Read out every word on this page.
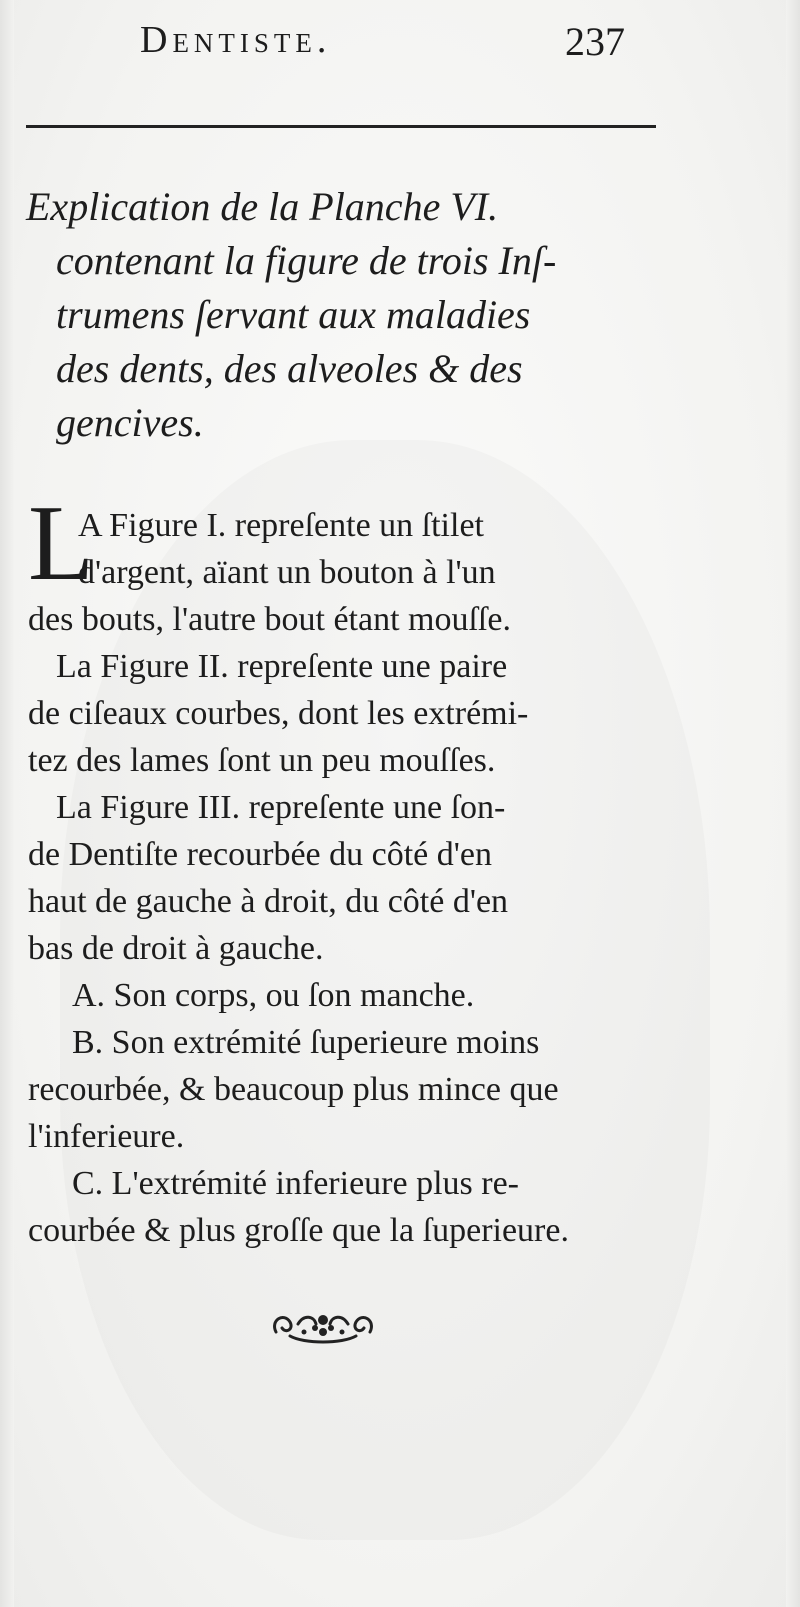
Dentiste.	237
Explication de la Planche VI.
contenant la figure de trois Inſ-
trumens ſervant aux maladies
des dents, des alveoles & des
gencives.
L
A Figure I. repreſente un ſtilet
d'argent, aïant un bouton à l'un
des bouts, l'autre bout étant mouſſe.
La Figure II. repreſente une paire
de ciſeaux courbes, dont les extrémi-
tez des lames ſont un peu mouſſes.
La Figure III. repreſente une ſon-
de Dentiſte recourbée du côté d'en
haut de gauche à droit, du côté d'en
bas de droit à gauche.
A. Son corps, ou ſon manche.
B. Son extrémité ſuperieure moins
recourbée, & beaucoup plus mince que
l'inferieure.
C. L'extrémité inferieure plus re-
courbée & plus groſſe que la ſuperieure.
